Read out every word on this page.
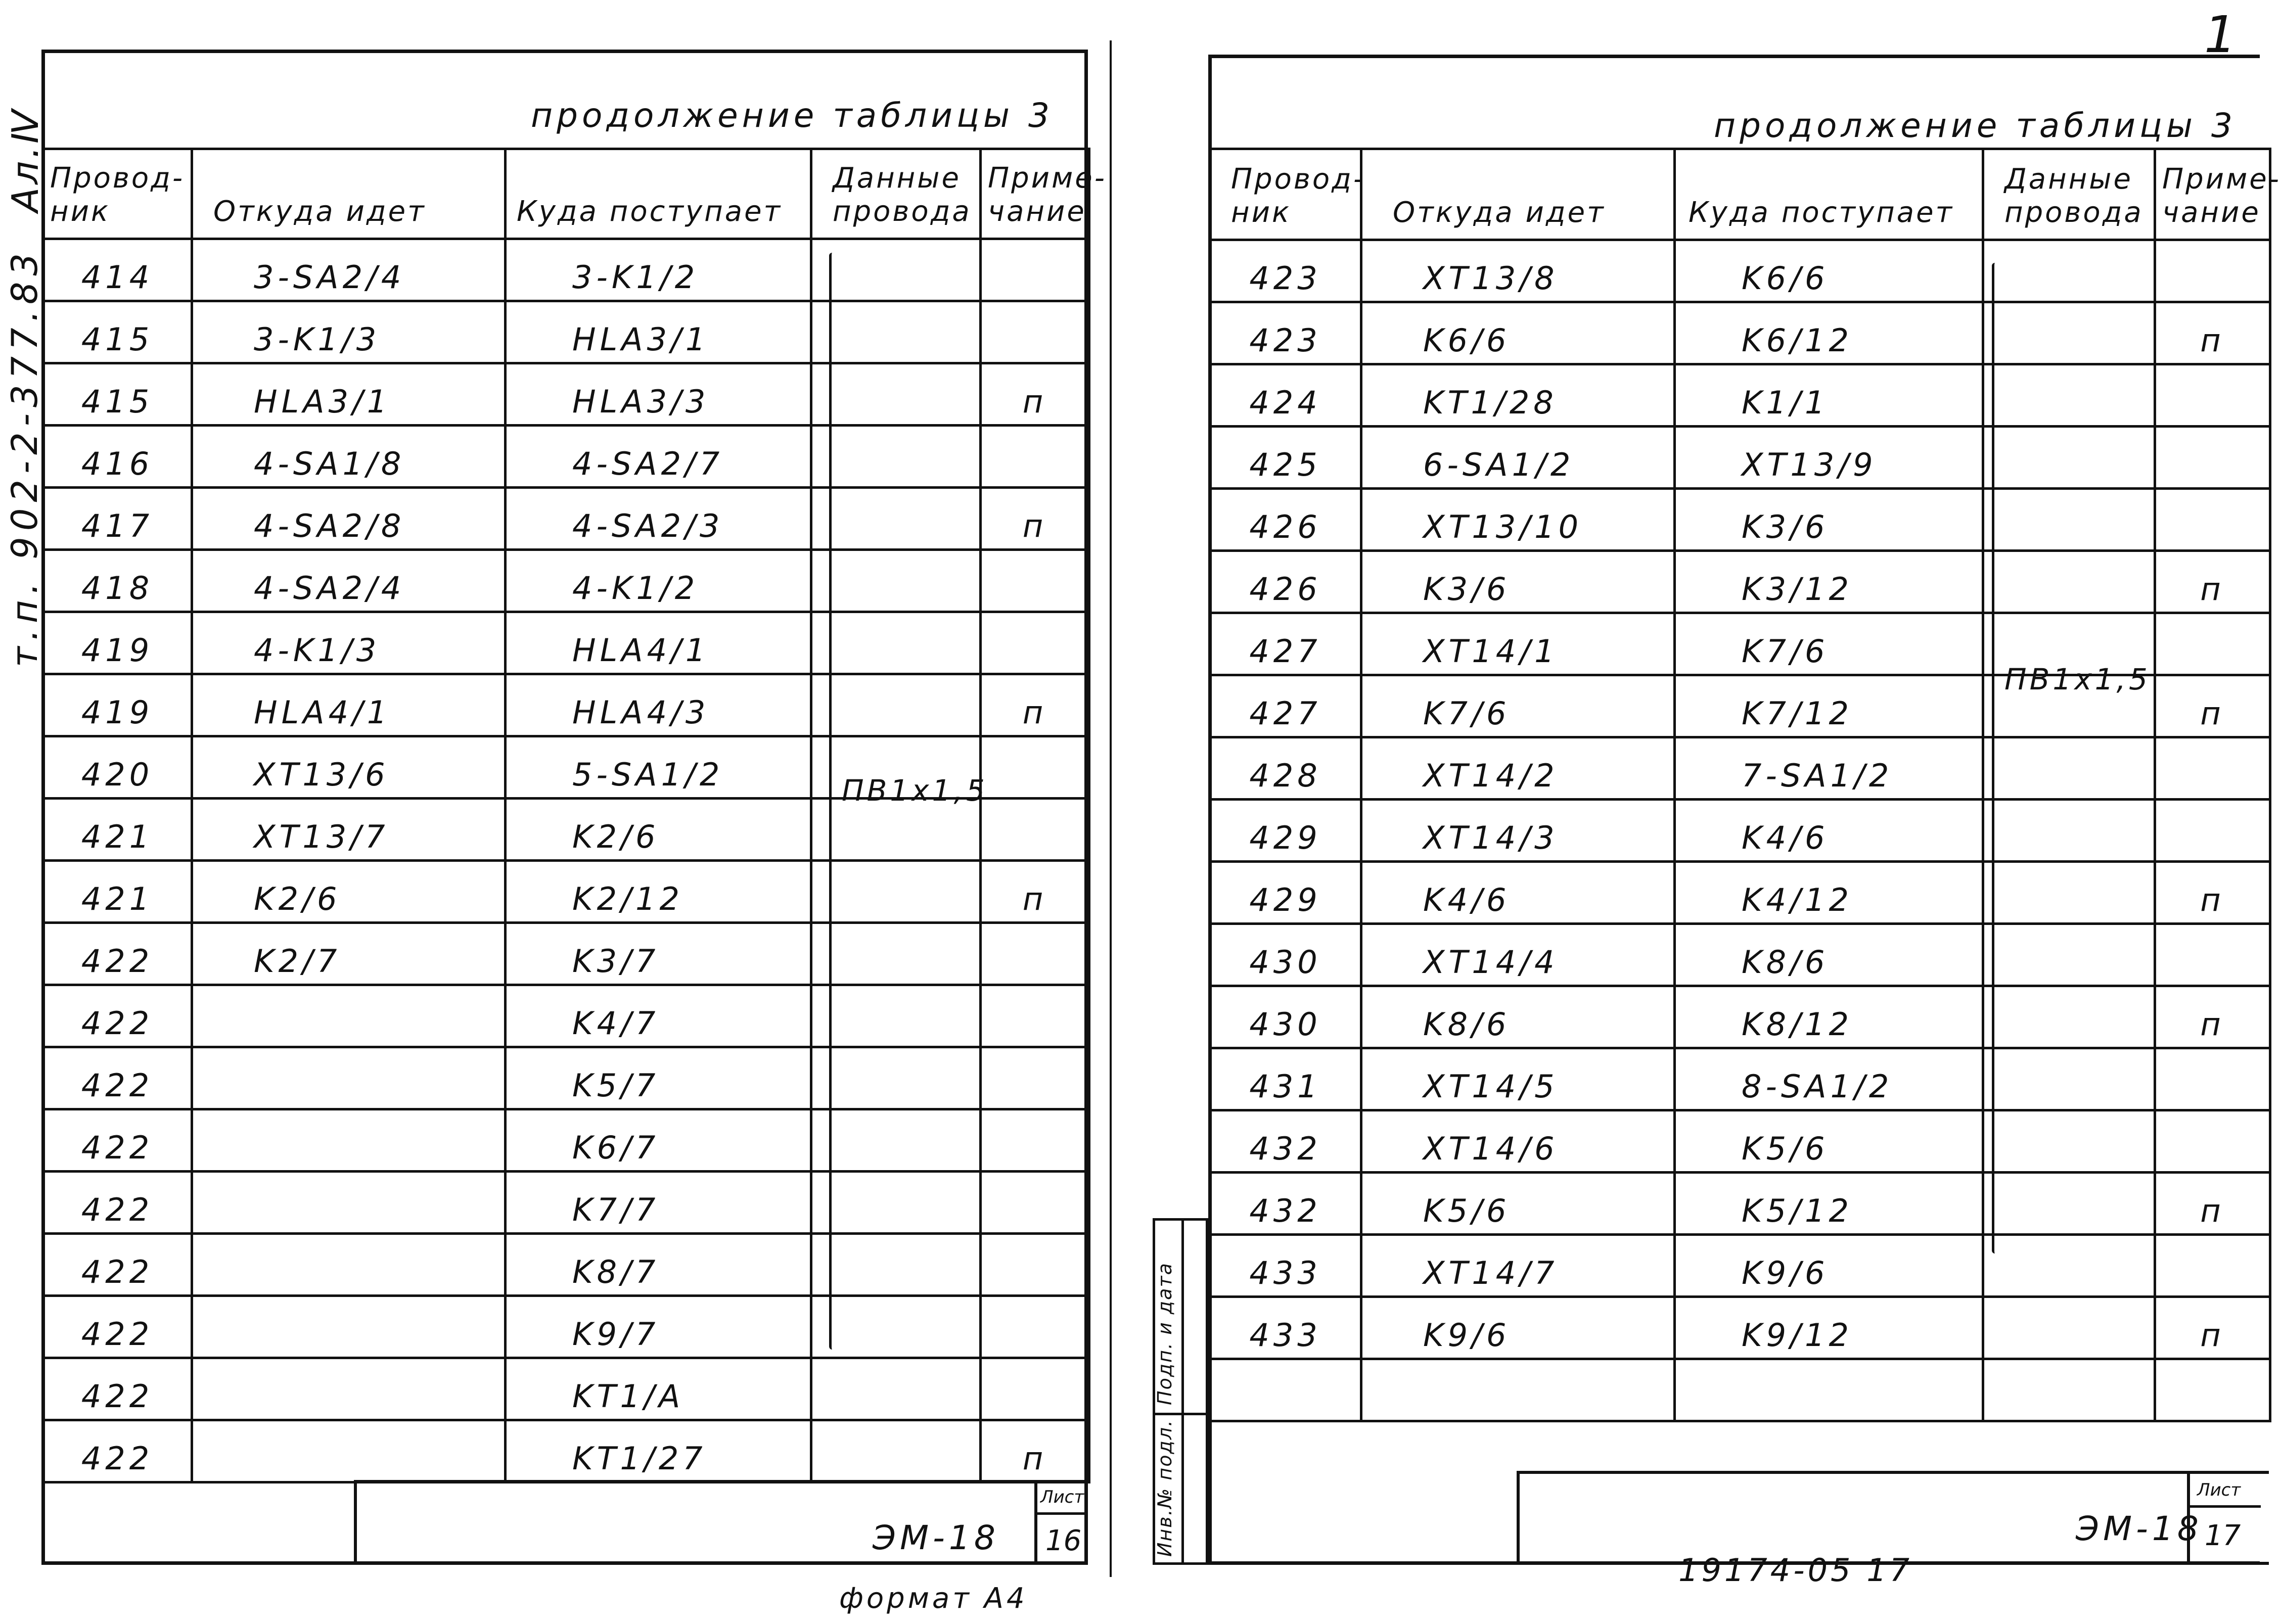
Ал.Ⅳ
т.п. 902-2-377.83
1
продолжение таблицы 3
Провод-ник	Откуда идет	Куда поступает	Данные провода	Приме-чание
414	3-SA2/4	3-K1/2		
415	3-K1/3	HLA3/1		
415	HLA3/1	HLA3/3		п
416	4-SA1/8	4-SA2/7		
417	4-SA2/8	4-SA2/3		п
418	4-SA2/4	4-K1/2		
419	4-K1/3	HLA4/1		
419	HLA4/1	HLA4/3		п
420	XT13/6	5-SA1/2		
421	XT13/7	K2/6		
421	K2/6	K2/12		п
422	K2/7	K3/7		
422		K4/7		
422		K5/7		
422		K6/7		
422		K7/7		
422		K8/7		
422		K9/7		
422		KT1/A		
422		KT1/27		п
ПВ1х1,5
ЭМ-18
Лист
16
формат А4
продолжение таблицы 3
Провод-ник	Откуда идет	Куда поступает	Данные провода	Приме-чание
423	XT13/8	K6/6		
423	K6/6	K6/12		п
424	KT1/28	K1/1		
425	6-SA1/2	XT13/9		
426	XT13/10	K3/6		
426	K3/6	K3/12		п
427	XT14/1	K7/6		
427	K7/6	K7/12		п
428	XT14/2	7-SA1/2		
429	XT14/3	K4/6		
429	K4/6	K4/12		п
430	XT14/4	K8/6		
430	K8/6	K8/12		п
431	XT14/5	8-SA1/2		
432	XT14/6	K5/6		
432	K5/6	K5/12		п
433	XT14/7	K9/6		
433	K9/6	K9/12		п

ПВ1х1,5
Инв.№ подл.
Подп. и дата
ЭМ-18
Лист
17
19174-05 17
